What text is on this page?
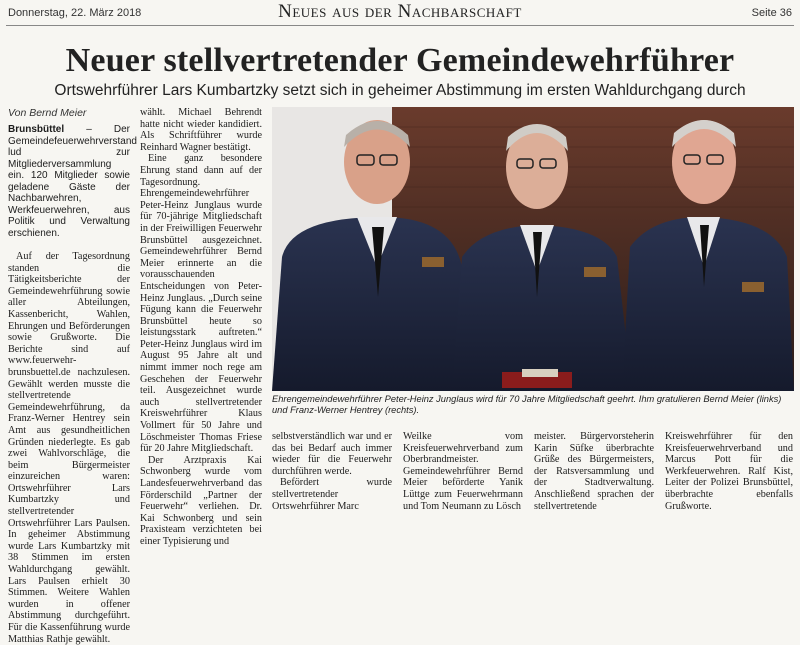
Donnerstag, 22. März 2018	Neues aus der Nachbarschaft	Seite 36
Neuer stellvertretender Gemeindewehrführer
Ortswehrführer Lars Kumbartzky setzt sich in geheimer Abstimmung im ersten Wahldurchgang durch
Von Bernd Meier

Brunsbüttel – Der Gemeindefeuerwehrverstand lud zur Mitgliederversammlung ein. 120 Mitglieder sowie geladene Gäste der Nachbarwehren, Werkfeuerwehren, aus Politik und Verwaltung erschienen.

Auf der Tagesordnung standen die Tätigkeitsberichte der Gemeindewehrführung sowie aller Abteilungen, Kassenbericht, Wahlen, Ehrungen und Beförderungen sowie Grußworte. Die Berichte sind auf www.feuerwehr-brunsbuettel.de nachzulesen. Gewählt werden musste die stellvertretende Gemeindewehrführung, da Franz-Werner Hentrey sein Amt aus gesundheitlichen Gründen niederlegte. Es gab zwei Wahlvorschläge, die beim Bürgermeister einzureichen waren: Ortswehrführer Lars Kumbartzky und stellvertretender Ortswehrführer Lars Paulsen. In geheimer Abstimmung wurde Lars Kumbartzky mit 38 Stimmen im ersten Wahldurchgang gewählt. Lars Paulsen erhielt 30 Stimmen. Weitere Wahlen wurden in offener Abstimmung durchgeführt. Für die Kassenführung wurde Matthias Rathje gewählt.

wählt. Michael Behrendt hatte nicht wieder kandidiert. Als Schriftführer wurde Reinhard Wagner bestätigt.

Eine ganz besondere Ehrung stand dann auf der Tagesordnung. Ehrengemeindewehrführer Peter-Heinz Junglaus wurde für 70-jährige Mitgliedschaft in der Freiwilligen Feuerwehr Brunsbüttel ausgezeichnet. Gemeindewehrführer Bernd Meier erinnerte an die vorausschauenden Entscheidungen von Peter-Heinz Junglaus. „Durch seine Fügung kann die Feuerwehr Brunsbüttel heute so leistungsstark auftreten.“ Peter-Heinz Junglaus wird im August 95 Jahre alt und nimmt immer noch rege am Geschehen der Feuerwehr teil. Ausgezeichnet wurde auch stellvertretender Kreiswehrführer Klaus Vollmert für 50 Jahre und Löschmeister Thomas Friese für 20 Jahre Mitgliedschaft.

Der Arztpraxis Kai Schwonberg wurde vom Landesfeuerwehrverband das Förderschild „Partner der Feuerwehr“ verliehen. Dr. Kai Schwonberg und sein Praxisteam verzichteten bei einer Typisierung und

Ehrengemeindewehrführer Peter-Heinz Junglaus wird für 70 Jahre Mitgliedschaft geehrt. Ihm gratulieren Bernd Meier (links) und Franz-Werner Hentrey (rechts).

selbstverständlich war und er das bei Bedarf auch immer wieder für die Feuerwehr durchführen werde.

Befördert wurde stellvertretender Ortswehrführer Marc

Weilke vom Kreisfeuerwehrverband zum Oberbrandmeister. Gemeindewehrführer Bernd Meier beförderte Yanik Lüttge zum Feuerwehrmann und Tom Neumann zu Lösch

meister. Bürgervorsteherin Karin Süfke überbrachte Grüße des Bürgermeisters, der Ratsversammlung und der Stadtverwaltung. Anschließend sprachen der stellvertretende

Kreiswehrführer für den Kreisfeuerwehrverband und Marcus Pott für die Werkfeuerwehren. Ralf Kist, Leiter der Polizei Brunsbüttel, überbrachte ebenfalls Grußworte.
